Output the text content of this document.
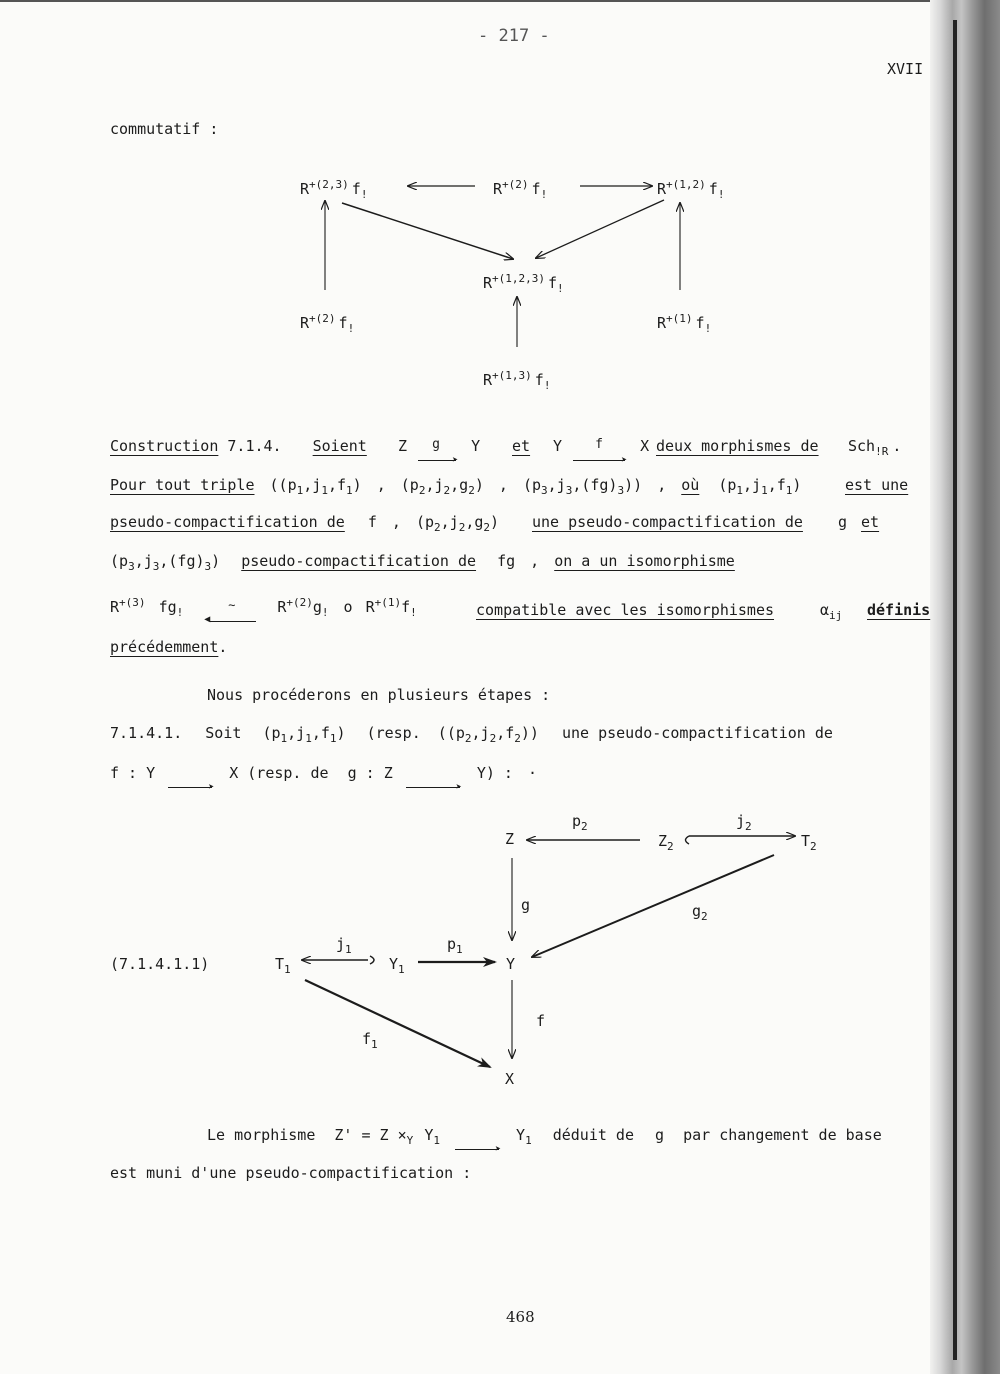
- 217 -
XVII
commutatif :
$R^{+(2,3)}$ $f_!$	$R^{+(2)}$ $f_!$	$R^{+(1,2)}$ $f_!$
$R^{+(1,2,3)}$ $f_!$
$R^{+(2)}$ $f_!$	$R^{+(1)}$ $f_!$
$R^{+(1,3)}$ $f_!$
Construction 7.1.4. Soient Z g
➤
Y et Y	f
➤
X deux morphismes de Sch$_{!R}$ .
Pour tout triple ($(p_1,j_1,f_1)$ , $(p_2,j_2,g_2)$ , $(p_3,j_3,(fg)_3)$) , où $(p_1,j_1,f_1)$	est une
pseudo-compactification de f , $(p_2,j_2,g_2)$ une pseudo-compactification de g et
$(p_3,j_3,(fg)_3)$ pseudo-compactification de fg , on a un isomorphisme
$R^{+(3)}$ $fg_!$
∼
◀
$R^{+(2)}g_!$ o $R^{+(1)}f_!$	compatible avec les isomorphismes	$\alpha_{ij}$ définis
précédemment.
Nous procéderons en plusieurs étapes :
7.1.4.1. Soit $(p_1,j_1,f_1)$ (resp. $((p_2,j_2,f_2))$ une pseudo-compactification de
f : Y
➤
X (resp. de g : Z
➤
Y) : ·
(7.1.4.1.1)
Z
$p_2$
$Z_2$
$j_2$
$T_2$
g	$g_2$
$T_1$
$j_1$
$Y_1$
$p_1$
Y
$f_1$
f
X
Le morphisme $Z' = Z \times_Y$ $Y_1$
➤
$Y_1$ déduit de g par changement de base
est muni d'une pseudo-compactification :
468
